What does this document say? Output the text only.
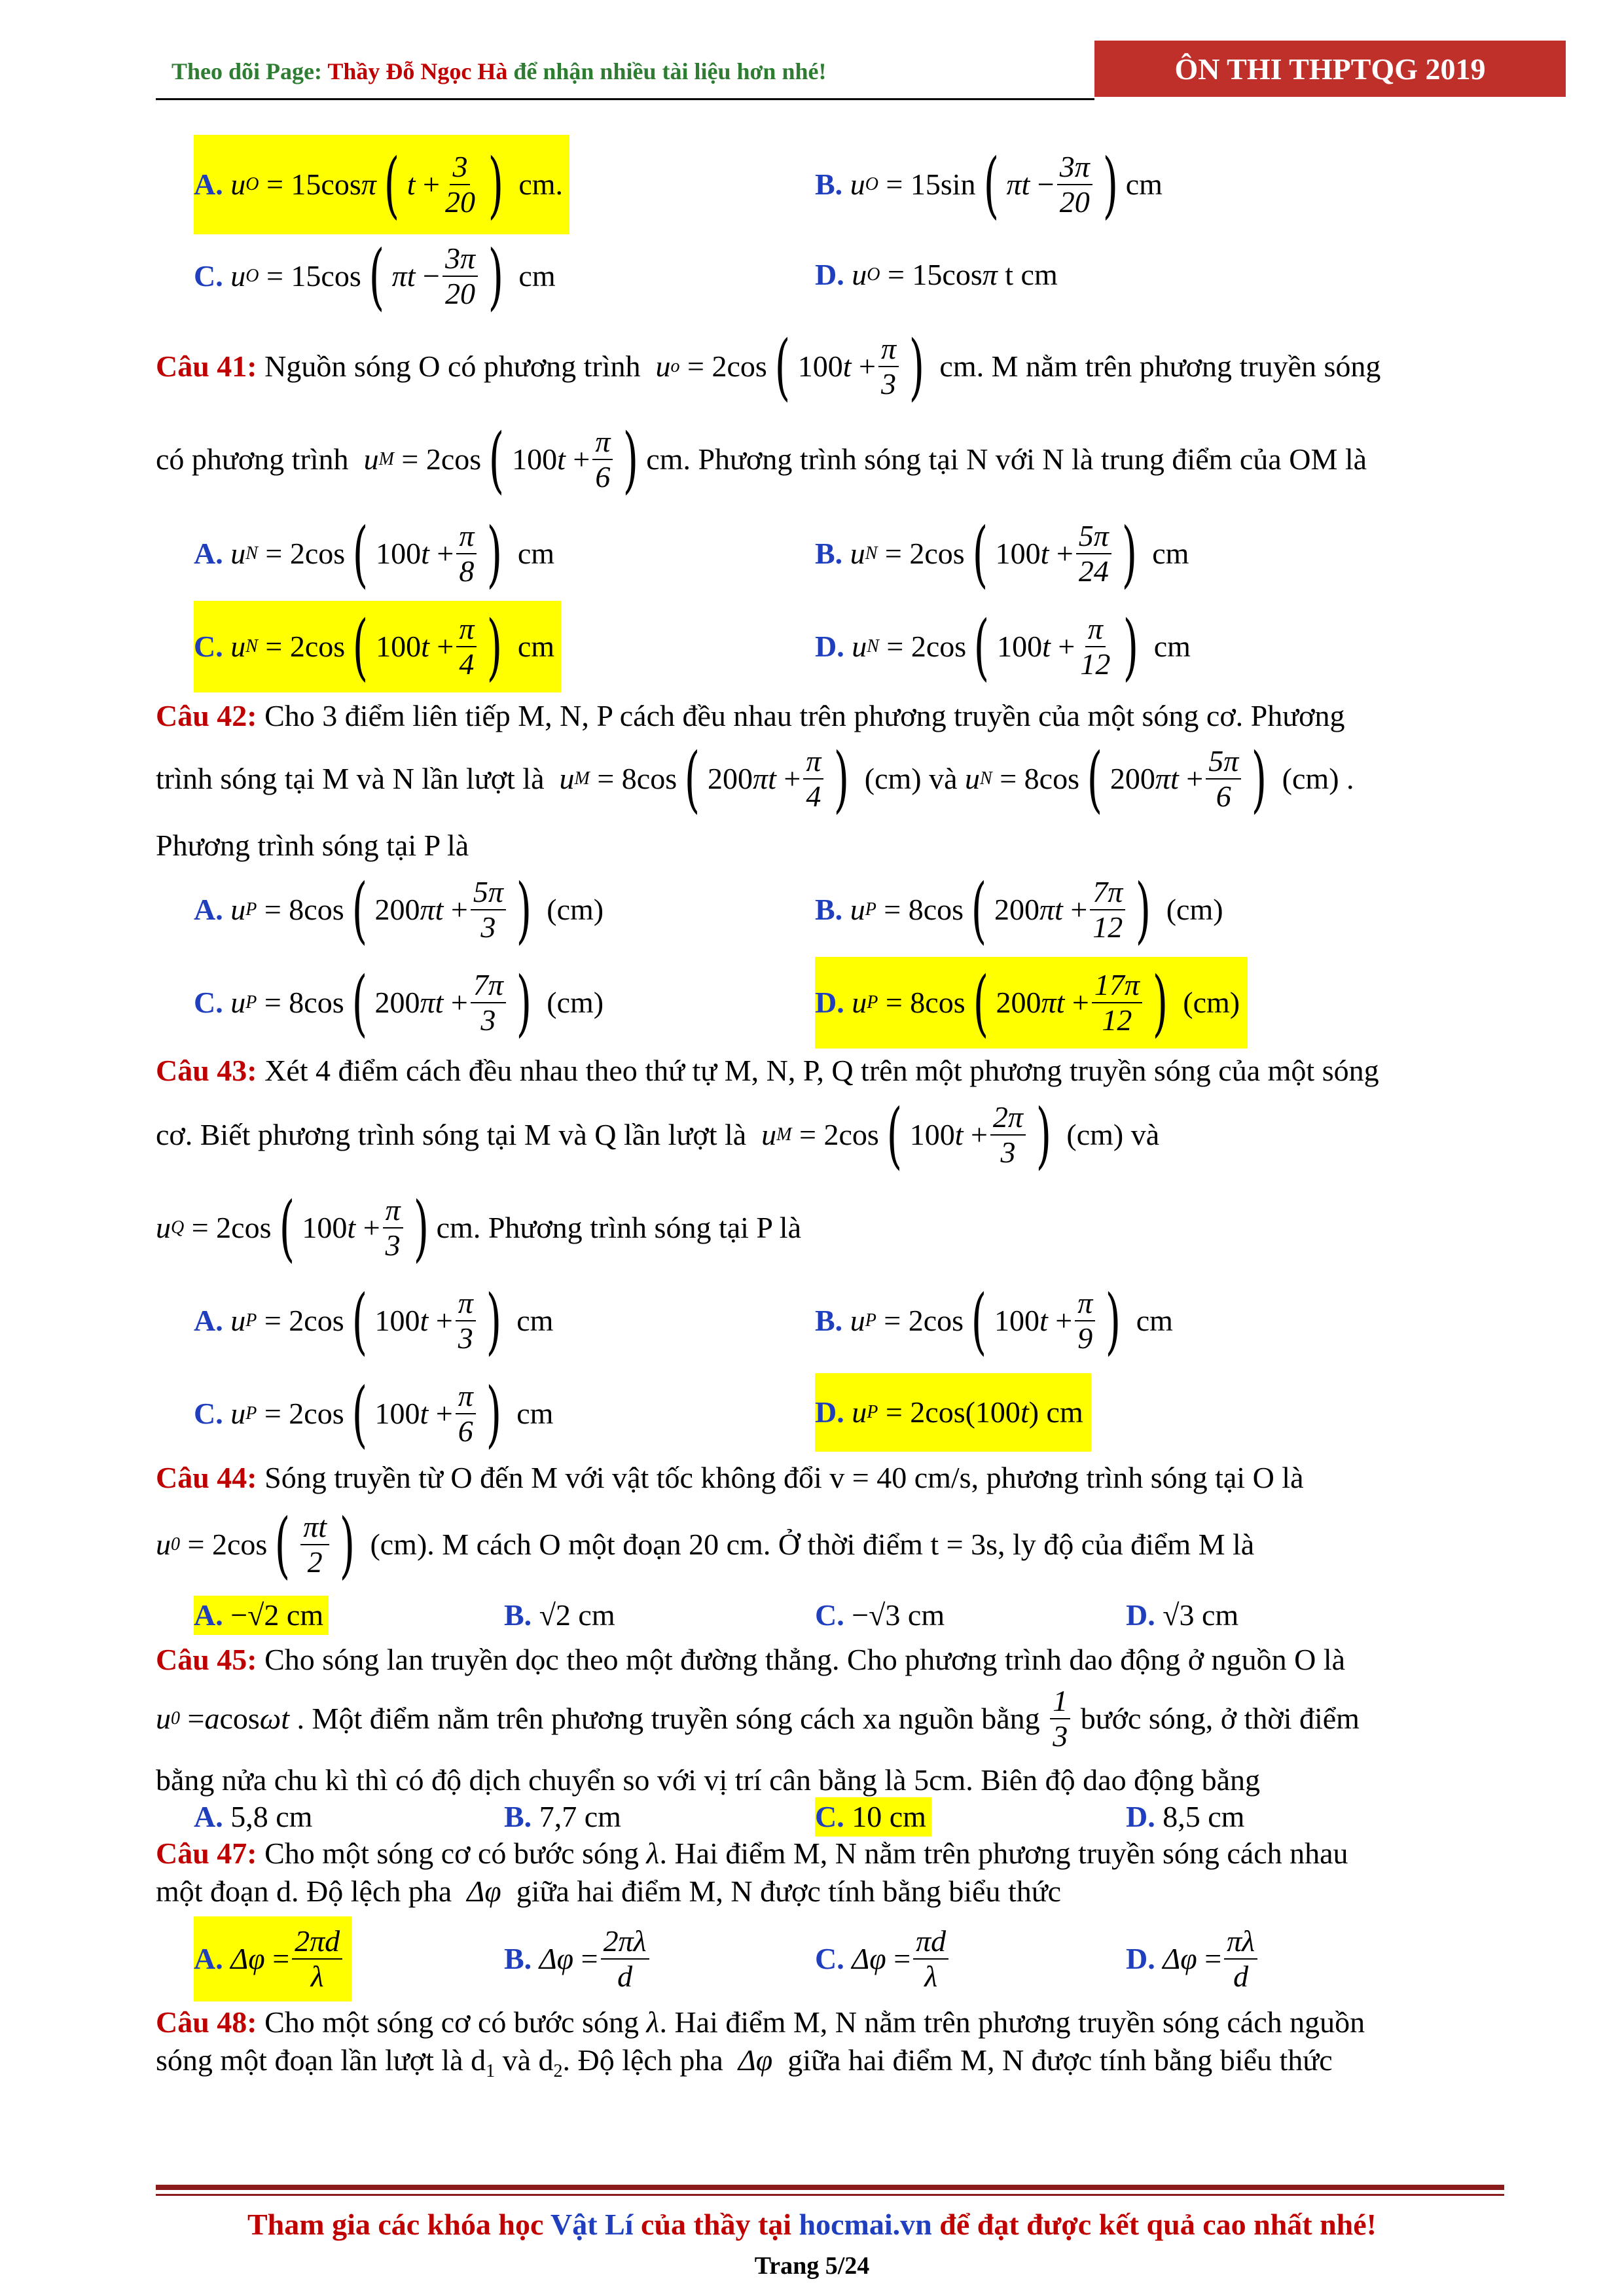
Theo dõi Page: Thầy Đỗ Ngọc Hà để nhận nhiều tài liệu hơn nhé!	ÔN THI THPTQG 2019
A.
u O = 15cos π ( $t + \frac{3}{20}$ )
cm.	B.
u O = 15sin ( $\pi t - \frac{3\pi}{20}$ ) cm
C.
u O = 15cos ( $\pi t - \frac{3\pi}{20}$ )
cm	D.
u O = 15cos π
t cm
Câu 41:
Nguồn sóng O có phương trình
u o = 2cos ( 100 $t + \frac{\pi}{3}$ )
cm. M nằm trên phương truyền sóng
có phương trình
u M = 2cos ( 100 $t + \frac{\pi}{6}$ ) cm. Phương trình sóng tại N với N là trung điểm của OM là
A.
u N = 2cos ( 100 $t + \frac{\pi}{8}$ ) cm	B.
u N = 2cos ( 100 $t + \frac{5\pi}{24}$ ) cm
C.
u N = 2cos ( 100 $t + \frac{\pi}{4}$ ) cm	D.
u N = 2cos ( 100 $t + \frac{\pi}{12}$ ) cm
Câu 42: Cho 3 điểm liên tiếp M, N, P cách đều nhau trên phương truyền của một sóng cơ. Phương
trình sóng tại M và N lần lượt là
u M = 8cos ( 200 $\pi t + \frac{\pi}{4}$ )
(cm) và
u N = 8cos ( 200 $\pi t + \frac{5\pi}{6}$ )
(cm) .
Phương trình sóng tại P là
A.
u P = 8cos ( 200 $\pi t + \frac{5\pi}{3}$ ) (cm)	B.
u P = 8cos ( 200 $\pi t + \frac{7\pi}{12}$ ) (cm)
C.
u P = 8cos ( 200 $\pi t + \frac{7\pi}{3}$ ) (cm)	D.
u P = 8cos ( 200 $\pi t + \frac{17\pi}{12}$ ) (cm)
Câu 43: Xét 4 điểm cách đều nhau theo thứ tự M, N, P, Q trên một phương truyền sóng của một sóng
cơ. Biết phương trình sóng tại M và Q lần lượt là
u M = 2cos ( 100 $t + \frac{2\pi}{3}$ )
(cm) và
u Q = 2cos ( 100 $t + \frac{\pi}{3}$ ) cm. Phương trình sóng tại P là
A.
u P = 2cos ( 100 $t + \frac{\pi}{3}$ ) cm	B.
u P = 2cos ( 100 $t + \frac{\pi}{9}$ ) cm
C.
u P = 2cos ( 100 $t + \frac{\pi}{6}$ ) cm	D.
u P = 2cos(100 t ) cm
Câu 44: Sóng truyền từ O đến M với vật tốc không đổi v = 40 cm/s, phương trình sóng tại O là
u 0 = 2cos ( $\frac{\pi t}{2}$ )
(cm). M cách O một đoạn 20 cm. Ở thời điểm t = 3s, ly độ của điểm M là
A. −√2 cm	B. √2 cm	C. −√3 cm	D. √3 cm
Câu 45: Cho sóng lan truyền dọc theo một đường thẳng. Cho phương trình dao động ở nguồn O là
u 0 = a cos ωt
. Một điểm nằm trên phương truyền sóng cách xa nguồn bằng
$\frac{1}{3}$
bước sóng, ở thời điểm
bằng nửa chu kì thì có độ dịch chuyển so với vị trí cân bằng là 5cm. Biên độ dao động bằng
A. 5,8 cm	B. 7,7 cm	C. 10 cm	D. 8,5 cm
Câu 47: Cho một sóng cơ có bước sóng λ. Hai điểm M, N nằm trên phương truyền sóng cách nhau
một đoạn d. Độ lệch pha Δφ giữa hai điểm M, N được tính bằng biểu thức
A.
$\Delta\varphi = \frac{2\pi d}{\lambda}$	B.
$\Delta\varphi = \frac{2\pi\lambda}{d}$	C.
$\Delta\varphi = \frac{\pi d}{\lambda}$	D.
$\Delta\varphi = \frac{\pi\lambda}{d}$
Câu 48: Cho một sóng cơ có bước sóng λ. Hai điểm M, N nằm trên phương truyền sóng cách nguồn
sóng một đoạn lần lượt là $d_1$ và $d_2$. Độ lệch pha Δφ giữa hai điểm M, N được tính bằng biểu thức
Tham gia các khóa học Vật Lí của thầy tại hocmai.vn để đạt được kết quả cao nhất nhé!
Trang 5/24
